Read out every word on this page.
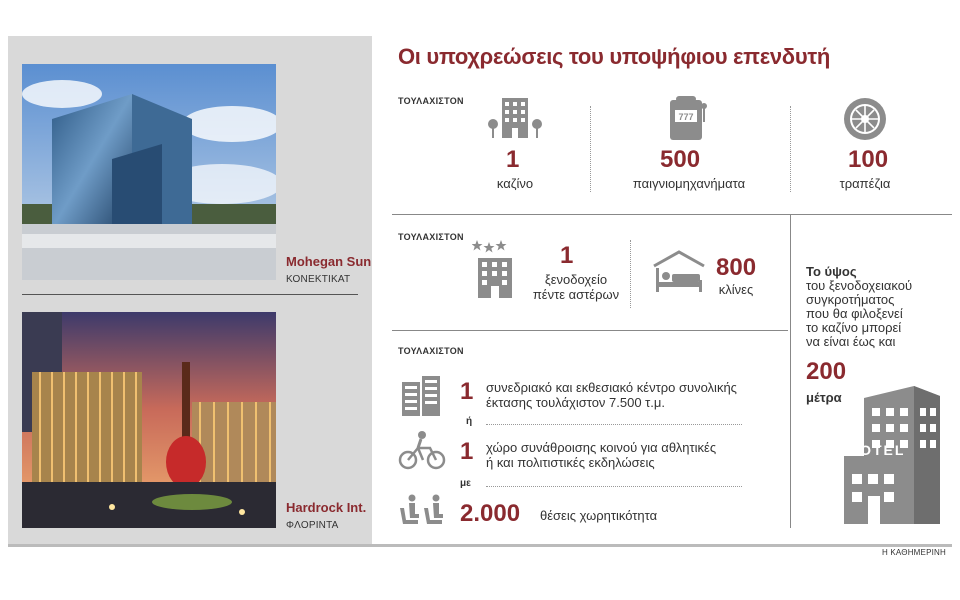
Mohegan Sun
ΚΟΝΕΚΤΙΚΑΤ
Hardrock Int.
ΦΛΟΡΙΝΤΑ
Οι υποχρεώσεις του υποψήφιου επενδυτή
ΤΟΥΛΑΧΙΣΤΟΝ
1
καζίνο
777
500
παιγνιομηχανήματα
100
τραπέζια
ΤΟΥΛΑΧΙΣΤΟΝ
1
ξενοδοχείο
πέντε αστέρων
800
κλίνες
ΤΟΥΛΑΧΙΣΤΟΝ
1 συνεδριακό και εκθεσιακό κέντρο συνολικής
έκτασης τουλάχιστον 7.500 τ.μ.
ή
1 χώρο συνάθροισης κοινού για αθλητικές
ή και πολιτιστικές εκδηλώσεις
με
2.000 θέσεις χωρητικότητα
Το ύψος
του ξενοδοχειακού
συγκροτήματος
που θα φιλοξενεί
το καζίνο μπορεί
να είναι έως και
200
μέτρα
HOTEL
Η ΚΑΘΗΜΕΡΙΝΗ
